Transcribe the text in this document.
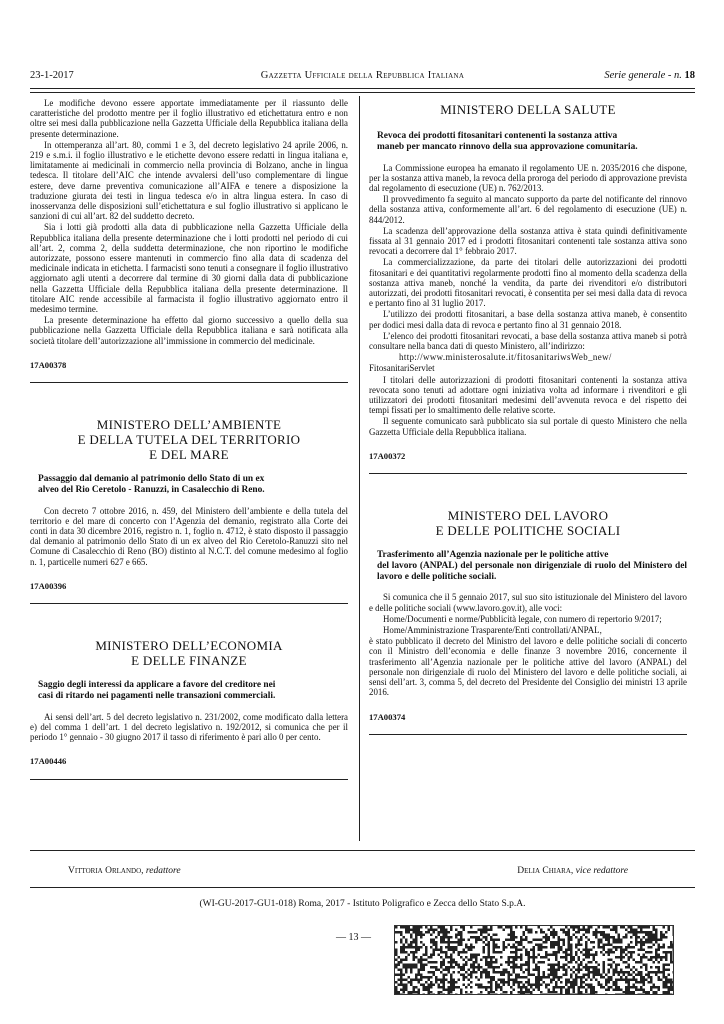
23-1-2017	Gazzetta Ufficiale della Repubblica Italiana	Serie generale - n. 18

Le modifiche devono essere apportate immediatamente per il riassunto delle caratteristiche del prodotto mentre per il foglio illustrativo ed etichettatura entro e non oltre sei mesi dalla pubblicazione nella Gazzetta Ufficiale della Repubblica italiana della presente determinazione.

In ottemperanza all’art. 80, commi 1 e 3, del decreto legislativo 24 aprile 2006, n. 219 e s.m.i. il foglio illustrativo e le etichette devono essere redatti in lingua italiana e, limitatamente ai medicinali in commercio nella provincia di Bolzano, anche in lingua tedesca. Il titolare dell’AIC che intende avvalersi dell’uso complementare di lingue estere, deve darne preventiva comunicazione all’AIFA e tenere a disposizione la traduzione giurata dei testi in lingua tedesca e/o in altra lingua estera. In caso di inosservanza delle disposizioni sull’etichettatura e sul foglio illustrativo si applicano le sanzioni di cui all’art. 82 del suddetto decreto.

Sia i lotti già prodotti alla data di pubblicazione nella Gazzetta Ufficiale della Repubblica italiana della presente determinazione che i lotti prodotti nel periodo di cui all’art. 2, comma 2, della suddetta determinazione, che non riportino le modifiche autorizzate, possono essere mantenuti in commercio fino alla data di scadenza del medicinale indicata in etichetta. I farmacisti sono tenuti a consegnare il foglio illustrativo aggiornato agli utenti a decorrere dal termine di 30 giorni dalla data di pubblicazione nella Gazzetta Ufficiale della Repubblica italiana della presente determinazione. Il titolare AIC rende accessibile al farmacista il foglio illustrativo aggiornato entro il medesimo termine.

La presente determinazione ha effetto dal giorno successivo a quello della sua pubblicazione nella Gazzetta Ufficiale della Repubblica italiana e sarà notificata alla società titolare dell’autorizzazione all’immissione in commercio del medicinale.

17A00378
MINISTERO DELL’AMBIENTE
E DELLA TUTELA DEL TERRITORIO
E DEL MARE
Passaggio dal demanio al patrimonio dello Stato di un ex
alveo del Rio Ceretolo - Ranuzzi, in Casalecchio di Reno.

Con decreto 7 ottobre 2016, n. 459, del Ministero dell’ambiente e della tutela del territorio e del mare di concerto con l’Agenzia del demanio, registrato alla Corte dei conti in data 30 dicembre 2016, registro n. 1, foglio n. 4712, è stato disposto il passaggio dal demanio al patrimonio dello Stato di un ex alveo del Rio Ceretolo-Ranuzzi sito nel Comune di Casalecchio di Reno (BO) distinto al N.C.T. del comune medesimo al foglio n. 1, particelle numeri 627 e 665.

17A00396
MINISTERO DELL’ECONOMIA
E DELLE FINANZE
Saggio degli interessi da applicare a favore del creditore nei
casi di ritardo nei pagamenti nelle transazioni commerciali.

Ai sensi dell’art. 5 del decreto legislativo n. 231/2002, come modificato dalla lettera e) del comma 1 dell’art. 1 del decreto legislativo n. 192/2012, si comunica che per il periodo 1° gennaio - 30 giugno 2017 il tasso di riferimento è pari allo 0 per cento.

17A00446
MINISTERO DELLA SALUTE
Revoca dei prodotti fitosanitari contenenti la sostanza attiva
maneb per mancato rinnovo della sua approvazione comunitaria.

La Commissione europea ha emanato il regolamento UE n. 2035/2016 che dispone, per la sostanza attiva maneb, la revoca della proroga del periodo di approvazione prevista dal regolamento di esecuzione (UE) n. 762/2013.

Il provvedimento fa seguito al mancato supporto da parte del notificante del rinnovo della sostanza attiva, conformemente all’art. 6 del regolamento di esecuzione (UE) n. 844/2012.

La scadenza dell’approvazione della sostanza attiva è stata quindi definitivamente fissata al 31 gennaio 2017 ed i prodotti fitosanitari contenenti tale sostanza attiva sono revocati a decorrere dal 1° febbraio 2017.

La commercializzazione, da parte dei titolari delle autorizzazioni dei prodotti fitosanitari e dei quantitativi regolarmente prodotti fino al momento della scadenza della sostanza attiva maneb, nonché la vendita, da parte dei rivenditori e/o distributori autorizzati, dei prodotti fitosanitari revocati, è consentita per sei mesi dalla data di revoca e pertanto fino al 31 luglio 2017.

L’utilizzo dei prodotti fitosanitari, a base della sostanza attiva maneb, è consentito per dodici mesi dalla data di revoca e pertanto fino al 31 gennaio 2018.

L’elenco dei prodotti fitosanitari revocati, a base della sostanza attiva maneb si potrà consultare nella banca dati di questo Ministero, all’indirizzo:

http://www.ministerosalute.it/fitosanitariwsWeb_new/

FitosanitariServlet

I titolari delle autorizzazioni di prodotti fitosanitari contenenti la sostanza attiva revocata sono tenuti ad adottare ogni iniziativa volta ad informare i rivenditori e gli utilizzatori dei prodotti fitosanitari medesimi dell’avvenuta revoca e del rispetto dei tempi fissati per lo smaltimento delle relative scorte.

Il seguente comunicato sarà pubblicato sia sul portale di questo Ministero che nella Gazzetta Ufficiale della Repubblica italiana.

17A00372
MINISTERO DEL LAVORO
E DELLE POLITICHE SOCIALI
Trasferimento all’Agenzia nazionale per le politiche attive
del lavoro (ANPAL) del personale non dirigenziale di ruolo del Ministero del lavoro e delle politiche sociali.

Si comunica che il 5 gennaio 2017, sul suo sito istituzionale del Ministero del lavoro e delle politiche sociali (www.lavoro.gov.it), alle voci:

Home/Documenti e norme/Pubblicità legale, con numero di repertorio 9/2017;

Home/Amministrazione Trasparente/Enti controllati/ANPAL,

è stato pubblicato il decreto del Ministro del lavoro e delle politiche sociali di concerto con il Ministro dell’economia e delle finanze 3 novembre 2016, concernente il trasferimento all’Agenzia nazionale per le politiche attive del lavoro (ANPAL) del personale non dirigenziale di ruolo del Ministero del lavoro e delle politiche sociali, ai sensi dell’art. 3, comma 5, del decreto del Presidente del Consiglio dei ministri 13 aprile 2016.

17A00374
Vittoria Orlando, redattore	Delia Chiara, vice redattore
(WI-GU-2017-GU1-018) Roma, 2017 - Istituto Poligrafico e Zecca dello Stato S.p.A.
— 13 —
